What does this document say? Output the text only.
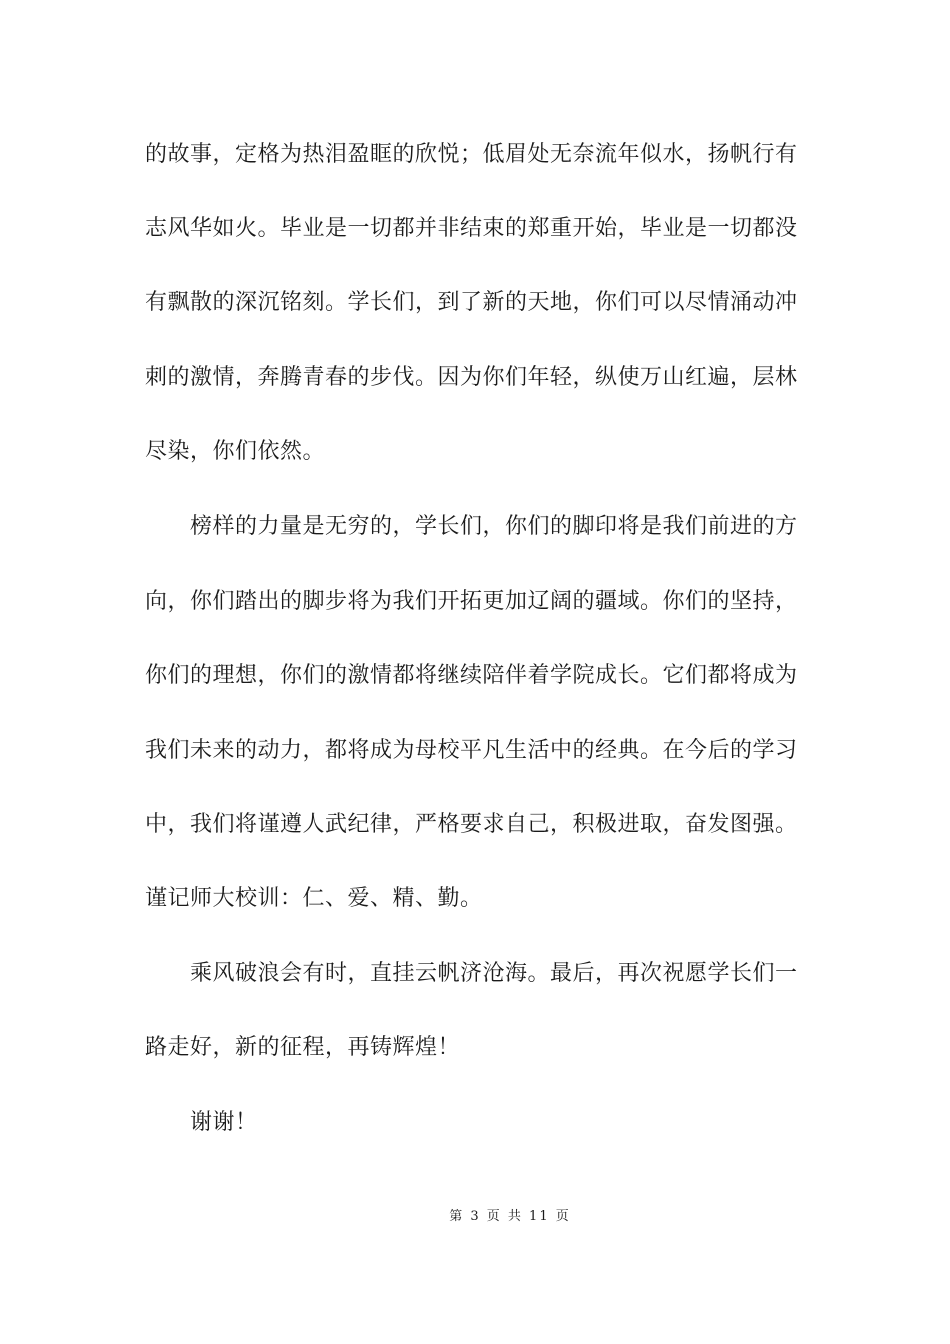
的故事，定格为热泪盈眶的欣悦；低眉处无奈流年似水，扬帆行有
志风华如火。毕业是一切都并非结束的郑重开始，毕业是一切都没
有飘散的深沉铭刻。学长们，到了新的天地，你们可以尽情涌动冲
刺的激情，奔腾青春的步伐。因为你们年轻，纵使万山红遍，层林
尽染，你们依然。
榜样的力量是无穷的，学长们，你们的脚印将是我们前进的方
向，你们踏出的脚步将为我们开拓更加辽阔的疆域。你们的坚持，
你们的理想，你们的激情都将继续陪伴着学院成长。它们都将成为
我们未来的动力，都将成为母校平凡生活中的经典。在今后的学习
中，我们将谨遵人武纪律，严格要求自己，积极进取，奋发图强。
谨记师大校训：仁、爱、精、勤。
乘风破浪会有时，直挂云帆济沧海。最后，再次祝愿学长们一
路走好，新的征程，再铸辉煌！
谢谢！
第 3 页 共 11 页
